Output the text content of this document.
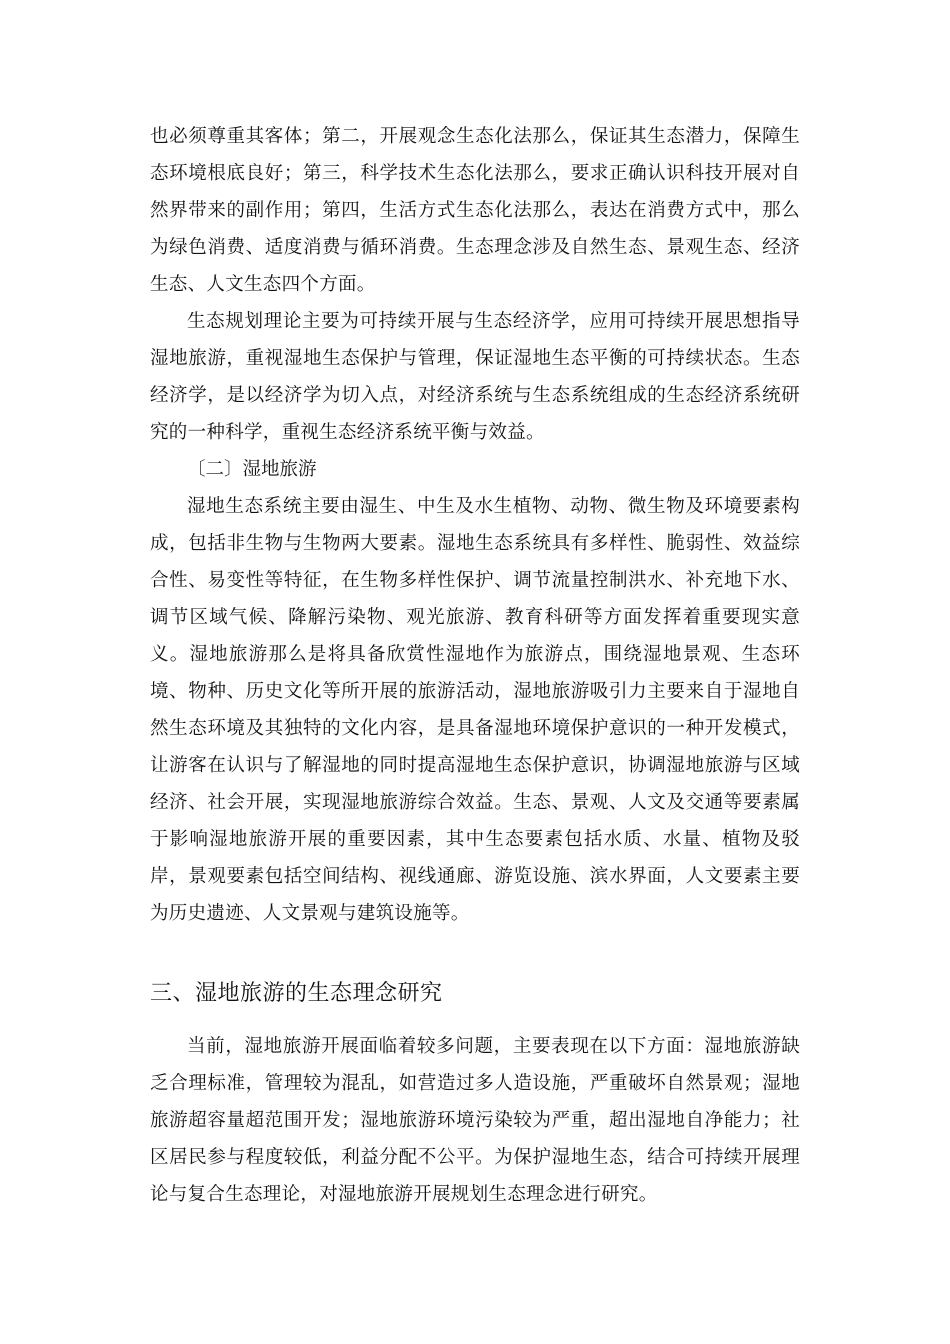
也必须尊重其客体；第二，开展观念生态化法那么，保证其生态潜力，保障生态环境根底良好；第三，科学技术生态化法那么，要求正确认识科技开展对自然界带来的副作用；第四，生活方式生态化法那么，表达在消费方式中，那么为绿色消费、适度消费与循环消费。生态理念涉及自然生态、景观生态、经济生态、人文生态四个方面。

生态规划理论主要为可持续开展与生态经济学，应用可持续开展思想指导湿地旅游，重视湿地生态保护与管理，保证湿地生态平衡的可持续状态。生态经济学，是以经济学为切入点，对经济系统与生态系统组成的生态经济系统研究的一种科学，重视生态经济系统平衡与效益。

〔二〕湿地旅游

湿地生态系统主要由湿生、中生及水生植物、动物、微生物及环境要素构成，包括非生物与生物两大要素。湿地生态系统具有多样性、脆弱性、效益综合性、易变性等特征，在生物多样性保护、调节流量控制洪水、补充地下水、调节区域气候、降解污染物、观光旅游、教育科研等方面发挥着重要现实意义。湿地旅游那么是将具备欣赏性湿地作为旅游点，围绕湿地景观、生态环境、物种、历史文化等所开展的旅游活动，湿地旅游吸引力主要来自于湿地自然生态环境及其独特的文化内容，是具备湿地环境保护意识的一种开发模式，让游客在认识与了解湿地的同时提高湿地生态保护意识，协调湿地旅游与区域经济、社会开展，实现湿地旅游综合效益。生态、景观、人文及交通等要素属于影响湿地旅游开展的重要因素，其中生态要素包括水质、水量、植物及驳岸，景观要素包括空间结构、视线通廊、游览设施、滨水界面，人文要素主要为历史遗迹、人文景观与建筑设施等。

三、湿地旅游的生态理念研究

当前，湿地旅游开展面临着较多问题，主要表现在以下方面：湿地旅游缺乏合理标准，管理较为混乱，如营造过多人造设施，严重破坏自然景观；湿地旅游超容量超范围开发；湿地旅游环境污染较为严重，超出湿地自净能力；社区居民参与程度较低，利益分配不公平。为保护湿地生态，结合可持续开展理论与复合生态理论，对湿地旅游开展规划生态理念进行研究。
